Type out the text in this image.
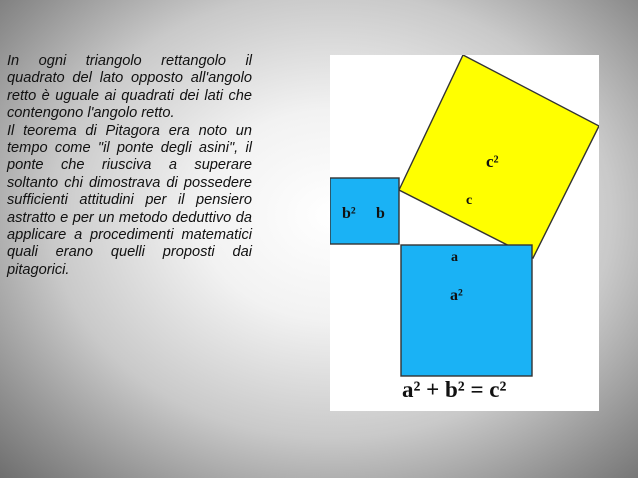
In ogni triangolo rettangolo il quadrato del lato opposto all'angolo retto è uguale ai quadrati dei lati che contengono l'angolo retto.

Il teorema di Pitagora era noto un tempo come "il ponte degli asini", il ponte che riusciva a superare soltanto chi dimostrava di possedere sufficienti attitudini per il pensiero astratto e per un metodo deduttivo da applicare a procedimenti matematici quali erano quelli proposti dai pitagorici.

c²
c
b² b
a
a²
a² + b² = c²
